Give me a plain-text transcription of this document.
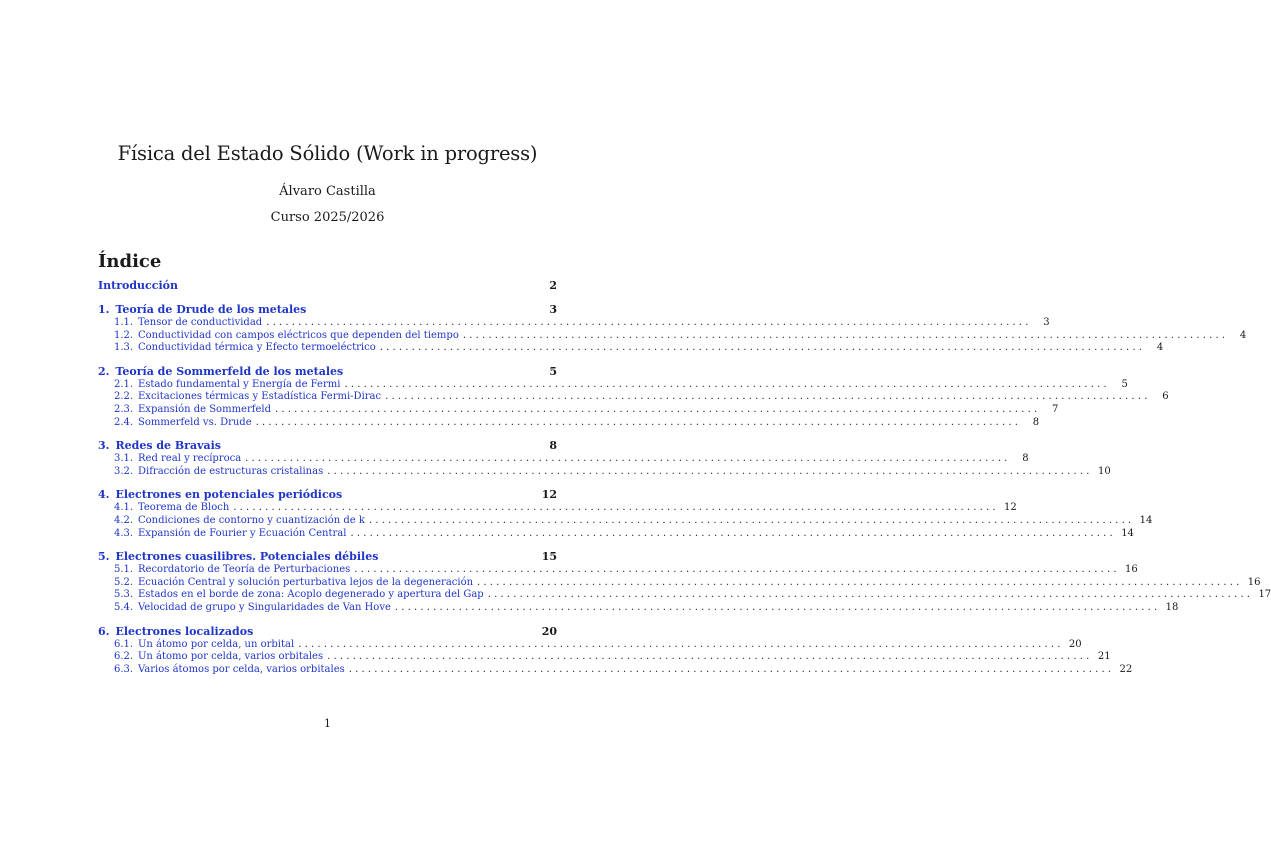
Física del Estado Sólido (Work in progress)
Álvaro Castilla
Curso 2025/2026
Índice
Introducción	2
1. Teoría de Drude de los metales	3
1.1. Tensor de conductividad ........................................................................................................................	3
1.2. Conductividad con campos eléctricos que dependen del tiempo ........................................................................................................................	4
1.3. Conductividad térmica y Efecto termoeléctrico ........................................................................................................................	4
2. Teoría de Sommerfeld de los metales	5
2.1. Estado fundamental y Energía de Fermi ........................................................................................................................	5
2.2. Excitaciones térmicas y Estadística Fermi-Dirac ........................................................................................................................	6
2.3. Expansión de Sommerfeld ........................................................................................................................	7
2.4. Sommerfeld vs. Drude ........................................................................................................................	8
3. Redes de Bravais	8
3.1. Red real y recíproca ........................................................................................................................	8
3.2. Difracción de estructuras cristalinas ........................................................................................................................ 10
4. Electrones en potenciales periódicos	12
4.1. Teorema de Bloch ........................................................................................................................ 12
4.2. Condiciones de contorno y cuantización de k ........................................................................................................................ 14
4.3. Expansión de Fourier y Ecuación Central ........................................................................................................................ 14
5. Electrones cuasilibres. Potenciales débiles	15
5.1. Recordatorio de Teoría de Perturbaciones ........................................................................................................................ 16
5.2. Ecuación Central y solución perturbativa lejos de la degeneración ........................................................................................................................ 16
5.3. Estados en el borde de zona: Acoplo degenerado y apertura del Gap ........................................................................................................................ 17
5.4. Velocidad de grupo y Singularidades de Van Hove ........................................................................................................................ 18
6. Electrones localizados	20
6.1. Un átomo por celda, un orbital ........................................................................................................................ 20
6.2. Un átomo por celda, varios orbitales ........................................................................................................................ 21
6.3. Varios átomos por celda, varios orbitales ........................................................................................................................ 22
1
